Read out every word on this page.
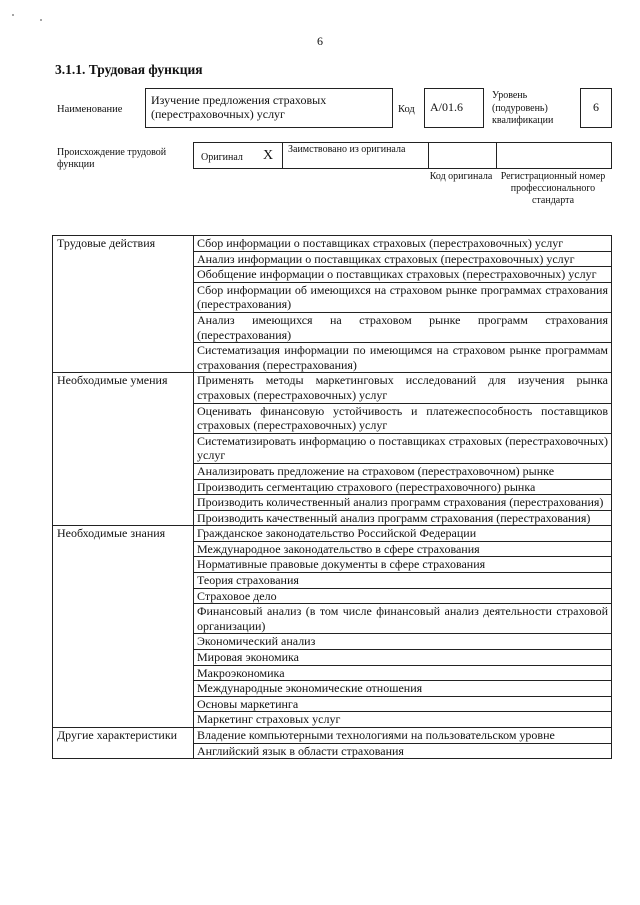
6
3.1.1. Трудовая функция
Наименование
Изучение предложения страховых (перестраховочных) услуг	Код	A/01.6
Уровень (подуровень) квалификации
6
Происхождение трудовой функции
Оригинал X Заимствовано из оригинала
Код оригинала Регистрационный номер профессионального стандарта
Трудовые действия	Сбор информации о поставщиках страховых (перестраховочных) услуг
	Анализ информации о поставщиках страховых (перестраховочных) услуг
	Обобщение информации о поставщиках страховых (перестраховочных) услуг
	Сбор информации об имеющихся на страховом рынке программах страхования (перестрахования)
	Анализ имеющихся на страховом рынке программ страхования (перестрахования)
	Систематизация информации по имеющимся на страховом рынке программам страхования (перестрахования)
Необходимые умения	Применять методы маркетинговых исследований для изучения рынка страховых (перестраховочных) услуг
	Оценивать финансовую устойчивость и платежеспособность поставщиков страховых (перестраховочных) услуг
	Систематизировать информацию о поставщиках страховых (перестраховочных) услуг
	Анализировать предложение на страховом (перестраховочном) рынке
	Производить сегментацию страхового (перестраховочного) рынка
	Производить количественный анализ программ страхования (перестрахования)
	Производить качественный анализ программ страхования (перестрахования)
Необходимые знания	Гражданское законодательство Российской Федерации
	Международное законодательство в сфере страхования
	Нормативные правовые документы в сфере страхования
	Теория страхования
	Страховое дело
	Финансовый анализ (в том числе финансовый анализ деятельности страховой организации)
	Экономический анализ
	Мировая экономика
	Макроэкономика
	Международные экономические отношения
	Основы маркетинга
	Маркетинг страховых услуг
Другие характеристики	Владение компьютерными технологиями на пользовательском уровне
	Английский язык в области страхования
